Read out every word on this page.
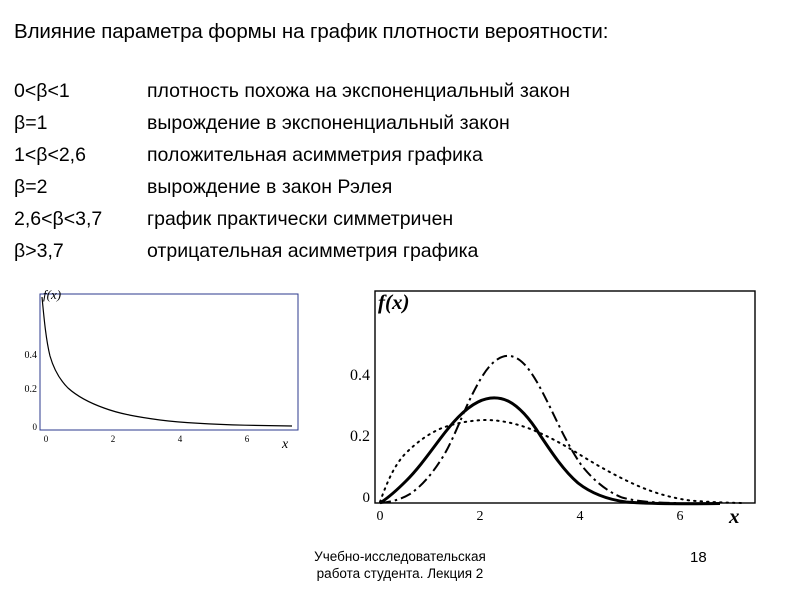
Влияние параметра формы на график плотности вероятности:
0<β<1	плотность похожа на экспоненциальный закон
β=1	вырождение в экспоненциальный закон
1<β<2,6	положительная асимметрия графика
β=2	вырождение в закон Рэлея
2,6<β<3,7	график практически симметричен
β>3,7	отрицательная асимметрия графика
0.4
0.2
0
0	2	4	6
f(x)
x
0.4
0.2
0
0	2	4	6
f(x)
x
Учебно-исследовательская
работа студента. Лекция 2
18
